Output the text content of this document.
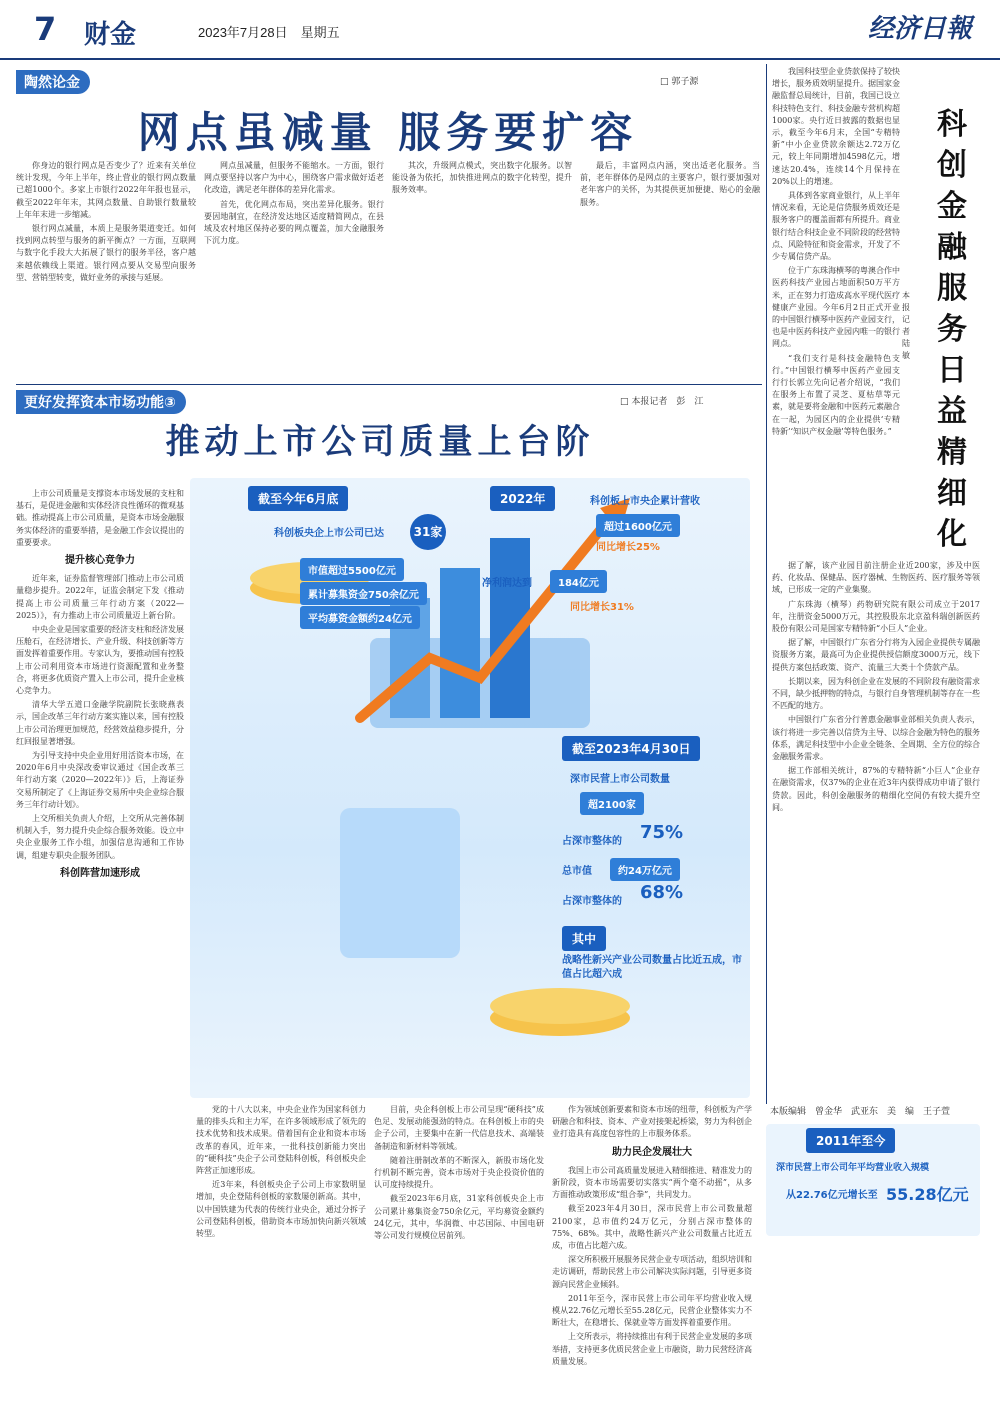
7 财金	2023年7月28日　星期五	经济日報
陶然论金	□ 郭子源
网点虽减量 服务要扩容

你身边的银行网点是否变少了？近来有关单位统计发现，今年上半年，终止营业的银行网点数量已超1000个。多家上市银行2022年年报也显示，截至2022年年末，其网点数量、自助银行数量较上年年末进一步缩减。

银行网点减量，本质上是服务渠道变迁。如何找到网点转型与服务的新平衡点？一方面，互联网与数字化手段大大拓展了银行的服务半径，客户越来越依赖线上渠道。银行网点要从交易型向服务型、营销型转变，做好业务的承接与延展。

网点虽减量，但服务不能缩水。一方面，银行网点要坚持以客户为中心，围绕客户需求做好适老化改造，满足老年群体的差异化需求。

首先，优化网点布局，突出差异化服务。银行要因地制宜，在经济发达地区适度精简网点，在县域及农村地区保持必要的网点覆盖，加大金融服务下沉力度。

其次，升级网点模式，突出数字化服务。以智能设备为依托，加快推进网点的数字化转型，提升服务效率。

最后，丰富网点内涵，突出适老化服务。当前，老年群体仍是网点的主要客户，银行要加强对老年客户的关怀，为其提供更加便捷、贴心的金融服务。

更好发挥资本市场功能③	□ 本报记者　彭　江
推动上市公司质量上台阶

上市公司质量是支撑资本市场发展的支柱和基石，是促进金融和实体经济良性循环的微观基础。推动提高上市公司质量，是资本市场金融服务实体经济的重要举措，是金融工作会议提出的重要要求。

提升核心竞争力

近年来，证券监督管理部门推动上市公司质量稳步提升。2022年，证监会制定下发《推动提高上市公司质量三年行动方案（2022—2025）》，有力推动上市公司质量迈上新台阶。

中央企业是国家重要的经济支柱和经济发展压舱石，在经济增长、产业升级、科技创新等方面发挥着重要作用。专家认为，要推动国有控股上市公司利用资本市场进行资源配置和业务整合，将更多优质资产置入上市公司，提升企业核心竞争力。

清华大学五道口金融学院副院长张晓燕表示，国企改革三年行动方案实施以来，国有控股上市公司治理更加规范，经营效益稳步提升，分红回报显著增强。

为引导支持中央企业用好用活资本市场，在2020年6月中央深改委审议通过《国企改革三年行动方案（2020—2022年）》后，上海证券交易所制定了《上海证券交易所中央企业综合服务三年行动计划》。

上交所相关负责人介绍，上交所从完善体制机制入手，努力提升央企综合服务效能。设立中央企业服务工作小组，加强信息沟通和工作协调，组建专职央企服务团队。

科创阵营加速形成

党的十八大以来，中央企业作为国家科创力量的排头兵和主力军，在许多领域形成了领先的技术优势和技术成果。借着国有企业和资本市场改革的春风，近年来，一批科技创新能力突出的“硬科技”央企子公司登陆科创板，科创板央企阵营正加速形成。

近3年来，科创板央企子公司上市家数明显增加，央企登陆科创板的家数屡创新高。其中，以中国铁建为代表的传统行业央企，通过分拆子公司登陆科创板，借助资本市场加快向新兴领域转型。

目前，央企科创板上市公司呈现“硬科技”成色足、发展动能强劲的特点。在科创板上市的央企子公司，主要集中在新一代信息技术、高端装备制造和新材料等领域。

随着注册制改革的不断深入，新股市场化发行机制不断完善，资本市场对于央企投资价值的认可度持续提升。

截至2023年6月底，31家科创板央企上市公司累计募集资金750余亿元，平均募资金额约24亿元，其中，华润微、中芯国际、中国电研等公司发行规模位居前列。

作为领域创新要素和资本市场的纽带，科创板为产学研融合和科技、资本、产业对接架起桥梁，努力为科创企业打造具有高度包容性的上市服务体系。

助力民企发展壮大

我国上市公司高质量发展进入精细推进、精准发力的新阶段，资本市场需要切实落实“两个毫不动摇”，从多方面推动政策形成“组合拳”，共同发力。

截至2023年4月30日，深市民营上市公司数量超2100家，总市值约24万亿元，分别占深市整体的75%、68%。其中，战略性新兴产业公司数量占比近五成，市值占比超六成。

深交所积极开展服务民营企业专项活动，组织培训和走访调研，帮助民营上市公司解决实际问题，引导更多资源向民营企业倾斜。

2011年至今，深市民营上市公司年平均营业收入规模从22.76亿元增长至55.28亿元，民营企业整体实力不断壮大，在稳增长、保就业等方面发挥着重要作用。

上交所表示，将持续推出有利于民营企业发展的多项举措，支持更多优质民营企业上市融资，助力民营经济高质量发展。

截至今年6月底
科创板央企上市公司已达	31家
市值超过5500亿元
累计募集资金750余亿元
平均募资金额约24亿元
2022年	科创板上市央企累计营收
超过1600亿元
同比增长25%
净利润达到	184亿元
同比增长31%
截至2023年4月30日
深市民营上市公司数量
超2100家
占深市整体的 75%
总市值	约24万亿元
占深市整体的 68%
其中
战略性新兴产业公司数量占比近五成，市值占比超六成

我国科技型企业贷款保持了较快增长，服务质效明显提升。据国家金融监督总局统计，目前，我国已设立科技特色支行、科技金融专营机构超1000家。央行近日披露的数据也显示，截至今年6月末，全国“专精特新”中小企业贷款余额达2.72万亿元，较上年同期增加4598亿元，增速达20.4%，连续14个月保持在20%以上的增速。

具体到各家商业银行，从上半年情况来看，无论是信贷服务质效还是服务客户的覆盖面都有所提升。商业银行结合科技企业不同阶段的经营特点、风险特征和资金需求，开发了不少专属信贷产品。

位于广东珠海横琴的粤澳合作中医药科技产业园占地面积50万平方米，正在努力打造成高水平现代医疗健康产业园。今年6月2日正式开业的中国银行横琴中医药产业园支行，也是中医药科技产业园内唯一的银行网点。

“我们支行是科技金融特色支行。”中国银行横琴中医药产业园支行行长郭立先向记者介绍说，“我们在服务上布置了灵芝、夏枯草等元素，就是要将金融和中医药元素融合在一起，为园区内的企业提供‘专精特新’‘知识产权金融’等特色服务。”

据了解，该产业园目前注册企业近200家，涉及中医药、化妆品、保健品、医疗器械、生物医药、医疗服务等领域，已形成一定的产业集聚。

广东珠海（横琴）药物研究院有限公司成立于2017年，注册资金5000万元，其控股股东北京盈科瑞创新医药股份有限公司是国家专精特新“小巨人”企业。

据了解，中国银行广东省分行将为入园企业提供专属融资服务方案，最高可为企业提供授信额度3000万元，线下提供方案包括政策、资产、流量三大类十个贷款产品。

长期以来，因为科创企业在发展的不同阶段有融资需求不同，缺少抵押物的特点，与银行自身管理机制等存在一些不匹配的地方。

中国银行广东省分行普惠金融事业部相关负责人表示，该行将进一步完善以信贷为主导、以综合金融为特色的服务体系，满足科技型中小企业全链条、全周期、全方位的综合金融服务需求。

据工作部相关统计，87%的专精特新“小巨人”企业存在融资需求，仅37%的企业在近3年内获得成功申请了银行贷款。因此，科创金融服务的精细化空间仍有较大提升空间。

科创金融服务日益精细化
本报记者　陆　敏
本版编辑　曾金华　武亚东　美　编　王子萱
2011年至今
深市民营上市公司年平均营业收入规模
从22.76亿元增长至 55.28亿元
